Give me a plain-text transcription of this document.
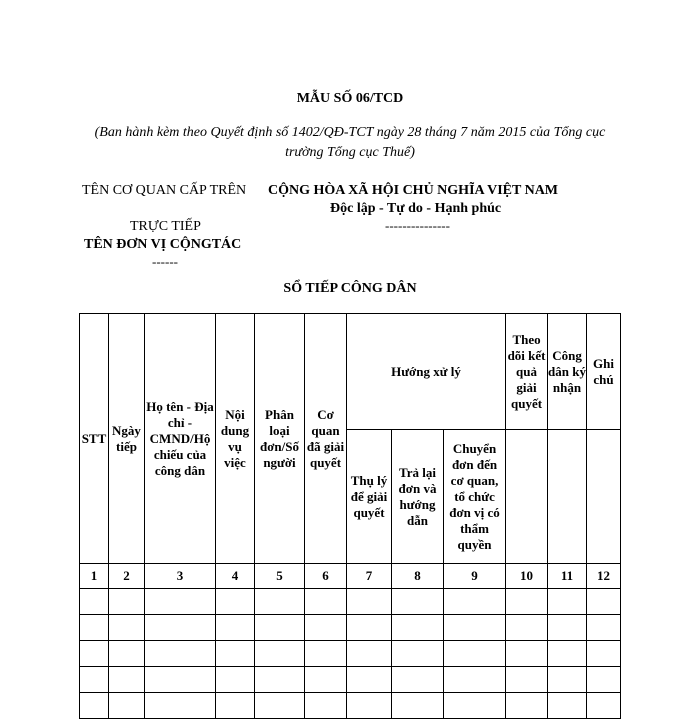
MẪU SỐ 06/TCD
(Ban hành kèm theo Quyết định số 1402/QĐ-TCT ngày 28 tháng 7 năm 2015 của Tổng cục trường Tổng cục Thuế)
TÊN CƠ QUAN CẤP TRÊN
TRỰC TIẾP
TÊN ĐƠN VỊ CỘNGTÁC
------
CỘNG HÒA XÃ HỘI CHỦ NGHĨA VIỆT NAM
Độc lập - Tự do - Hạnh phúc
---------------
SỔ TIẾP CÔNG DÂN
STT	Ngày tiếp	Họ tên - Địa chỉ - CMND/Hộ chiếu của công dân	Nội dung vụ việc	Phân loại đơn/Số người	Cơ quan đã giải quyết	Hướng xử lý			Theo dõi kết quả giải quyết	Công dân ký nhận	Ghi chú
						Thụ lý để giải quyết	Trả lại đơn và hướng dẫn	Chuyển đơn đến cơ quan, tổ chức đơn vị có thẩm quyền			
1	2	3	4	5	6	7	8	9	10	11	12
